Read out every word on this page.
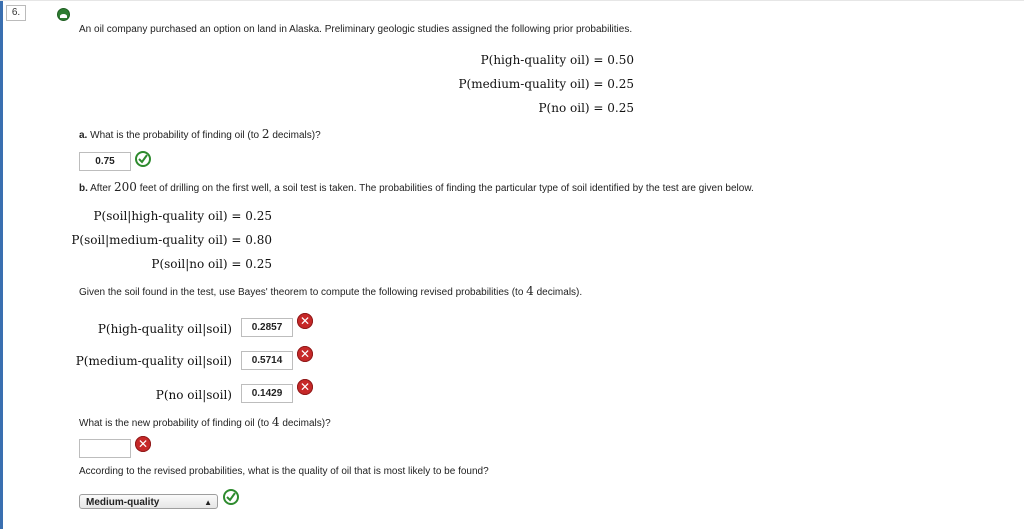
6.
An oil company purchased an option on land in Alaska. Preliminary geologic studies assigned the following prior probabilities.
P(high-quality oil) = 0.50
P(medium-quality oil) = 0.25
P(no oil) = 0.25
a. What is the probability of finding oil (to 2 decimals)?
0.75
b. After 200 feet of drilling on the first well, a soil test is taken. The probabilities of finding the particular type of soil identified by the test are given below.
P(soil|high-quality oil) = 0.25
P(soil|medium-quality oil) = 0.80
P(soil|no oil) = 0.25
Given the soil found in the test, use Bayes' theorem to compute the following revised probabilities (to 4 decimals).
P(high-quality oil|soil)	0.2857	✕
P(medium-quality oil|soil)	0.5714	✕
P(no oil|soil)	0.1429	✕
What is the new probability of finding oil (to 4 decimals)?
✕
According to the revised probabilities, what is the quality of oil that is most likely to be found?
Medium-quality	▲
